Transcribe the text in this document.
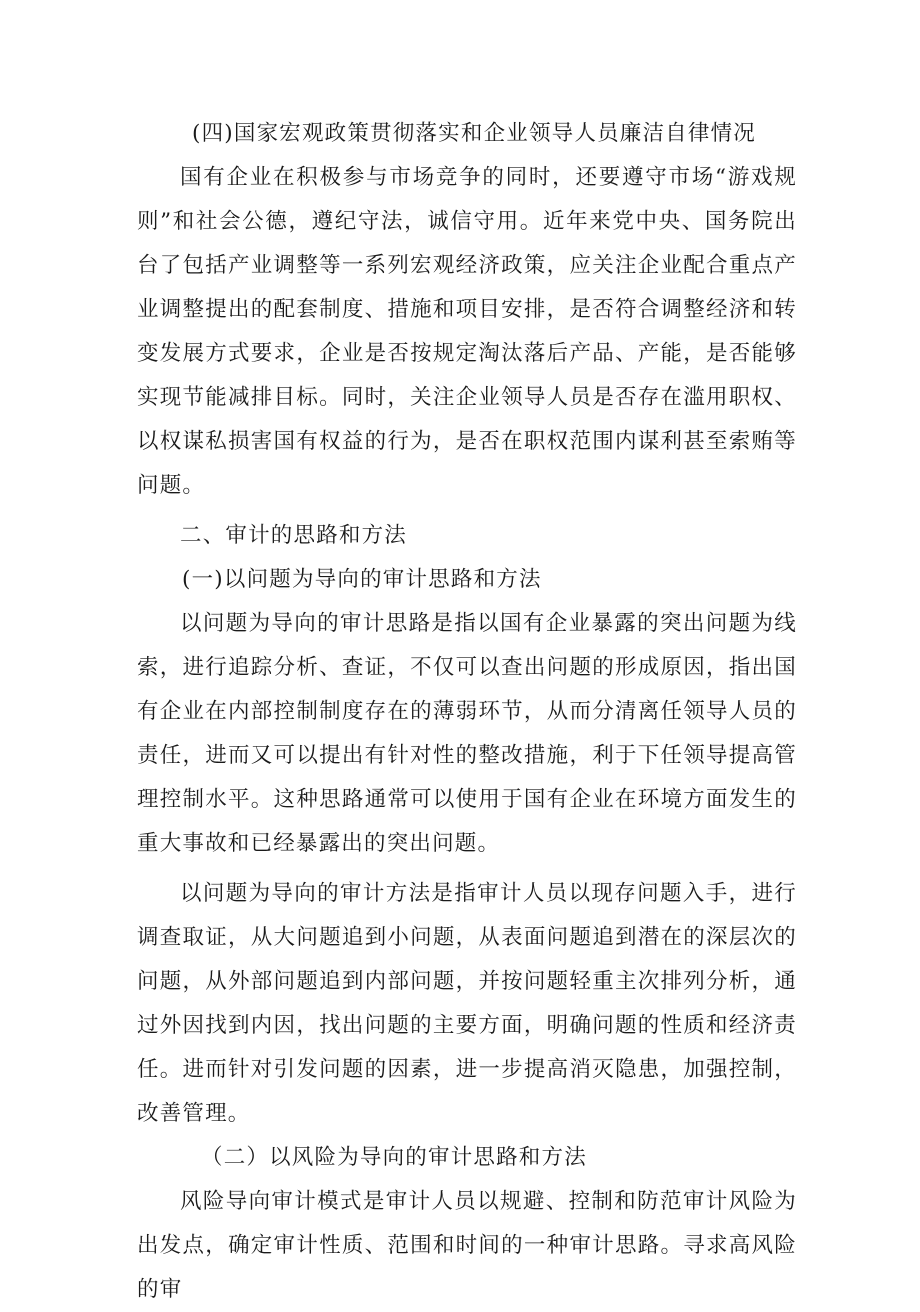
(四)国家宏观政策贯彻落实和企业领导人员廉洁自律情况

国有企业在积极参与市场竞争的同时，还要遵守市场“游戏规则”和社会公德，遵纪守法，诚信守用。近年来党中央、国务院出台了包括产业调整等一系列宏观经济政策，应关注企业配合重点产业调整提出的配套制度、措施和项目安排，是否符合调整经济和转变发展方式要求，企业是否按规定淘汰落后产品、产能，是否能够实现节能减排目标。同时，关注企业领导人员是否存在滥用职权、以权谋私损害国有权益的行为，是否在职权范围内谋利甚至索贿等问题。

二、审计的思路和方法

(一)以问题为导向的审计思路和方法

以问题为导向的审计思路是指以国有企业暴露的突出问题为线索，进行追踪分析、查证，不仅可以查出问题的形成原因，指出国有企业在内部控制制度存在的薄弱环节，从而分清离任领导人员的责任，进而又可以提出有针对性的整改措施，利于下任领导提高管理控制水平。这种思路通常可以使用于国有企业在环境方面发生的重大事故和已经暴露出的突出问题。

以问题为导向的审计方法是指审计人员以现存问题入手，进行调查取证，从大问题追到小问题，从表面问题追到潜在的深层次的问题，从外部问题追到内部问题，并按问题轻重主次排列分析，通过外因找到内因，找出问题的主要方面，明确问题的性质和经济责任。进而针对引发问题的因素，进一步提高消灭隐患，加强控制，改善管理。

（二）以风险为导向的审计思路和方法

风险导向审计模式是审计人员以规避、控制和防范审计风险为出发点，确定审计性质、范围和时间的一种审计思路。寻求高风险的审
